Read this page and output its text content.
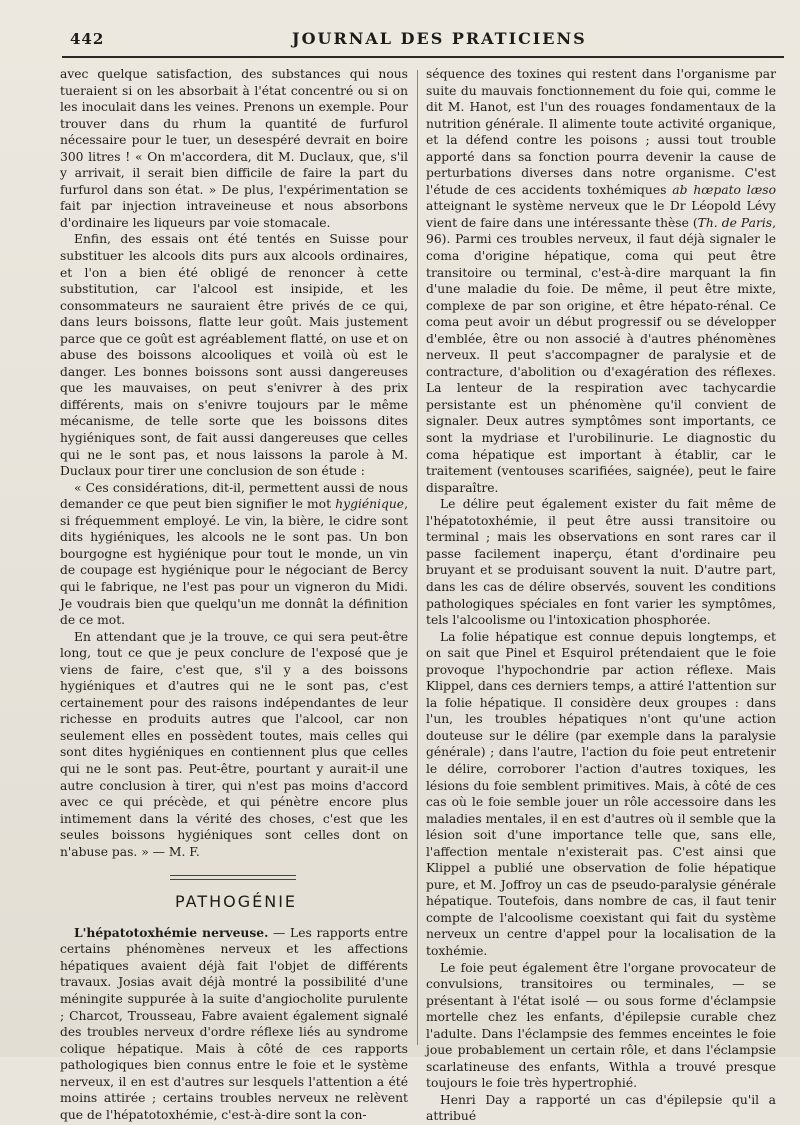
442	JOURNAL DES PRATICIENS

avec quelque satisfaction, des substances qui nous tueraient si on les absorbait à l'état concentré ou si on les inoculait dans les veines. Prenons un exemple. Pour trouver dans du rhum la quantité de furfurol nécessaire pour le tuer, un desespéré devrait en boire 300 litres ! « On m'accordera, dit M. Duclaux, que, s'il y arrivait, il serait bien difficile de faire la part du furfurol dans son état. » De plus, l'expérimentation se fait par injection intraveineuse et nous absorbons d'ordinaire les liqueurs par voie stomacale.

Enfin, des essais ont été tentés en Suisse pour substituer les alcools dits purs aux alcools ordinaires, et l'on a bien été obligé de renoncer à cette substitution, car l'alcool est insipide, et les consommateurs ne sauraient être privés de ce qui, dans leurs boissons, flatte leur goût. Mais justement parce que ce goût est agréablement flatté, on use et on abuse des boissons alcooliques et voilà où est le danger. Les bonnes boissons sont aussi dangereuses que les mauvaises, on peut s'enivrer à des prix différents, mais on s'enivre toujours par le même mécanisme, de telle sorte que les boissons dites hygiéniques sont, de fait aussi dangereuses que celles qui ne le sont pas, et nous laissons la parole à M. Duclaux pour tirer une conclusion de son étude :

« Ces considérations, dit-il, permettent aussi de nous demander ce que peut bien signifier le mot hygiénique, si fréquemment employé. Le vin, la bière, le cidre sont dits hygiéniques, les alcools ne le sont pas. Un bon bourgogne est hygiénique pour tout le monde, un vin de coupage est hygiénique pour le négociant de Bercy qui le fabrique, ne l'est pas pour un vigneron du Midi. Je voudrais bien que quelqu'un me donnât la définition de ce mot.

En attendant que je la trouve, ce qui sera peut-être long, tout ce que je peux conclure de l'exposé que je viens de faire, c'est que, s'il y a des boissons hygiéniques et d'autres qui ne le sont pas, c'est certainement pour des raisons indépendantes de leur richesse en produits autres que l'alcool, car non seulement elles en possèdent toutes, mais celles qui sont dites hygiéniques en contiennent plus que celles qui ne le sont pas. Peut-être, pourtant y aurait-il une autre conclusion à tirer, qui n'est pas moins d'accord avec ce qui précède, et qui pénètre encore plus intimement dans la vérité des choses, c'est que les seules boissons hygiéniques sont celles dont on n'abuse pas. » — M. F.

PATHOGÉNIE

L'hépatotoxhémie nerveuse. — Les rapports entre certains phénomènes nerveux et les affections hépatiques avaient déjà fait l'objet de différents travaux. Josias avait déjà montré la possibilité d'une méningite suppurée à la suite d'angiocholite purulente ; Charcot, Trousseau, Fabre avaient également signalé des troubles nerveux d'ordre réflexe liés au syndrome colique hépatique. Mais à côté de ces rapports pathologiques bien connus entre le foie et le système nerveux, il en est d'autres sur lesquels l'attention a été moins attirée ; certains troubles nerveux ne relèvent que de l'hépatotoxhémie, c'est-à-dire sont la con-

séquence des toxines qui restent dans l'organisme par suite du mauvais fonctionnement du foie qui, comme le dit M. Hanot, est l'un des rouages fondamentaux de la nutrition générale. Il alimente toute activité organique, et la défend contre les poisons ; aussi tout trouble apporté dans sa fonction pourra devenir la cause de perturbations diverses dans notre organisme. C'est l'étude de ces accidents toxhémiques ab hœpato læso atteignant le système nerveux que le Dr Léopold Lévy vient de faire dans une intéressante thèse (Th. de Paris, 96). Parmi ces troubles nerveux, il faut déjà signaler le coma d'origine hépatique, coma qui peut être transitoire ou terminal, c'est-à-dire marquant la fin d'une maladie du foie. De même, il peut être mixte, complexe de par son origine, et être hépato-rénal. Ce coma peut avoir un début progressif ou se développer d'emblée, être ou non associé à d'autres phénomènes nerveux. Il peut s'accompagner de paralysie et de contracture, d'abolition ou d'exagération des réflexes. La lenteur de la respiration avec tachycardie persistante est un phénomène qu'il convient de signaler. Deux autres symptômes sont importants, ce sont la mydriase et l'urobilinurie. Le diagnostic du coma hépatique est important à établir, car le traitement (ventouses scarifiées, saignée), peut le faire disparaître.

Le délire peut également exister du fait même de l'hépatotoxhémie, il peut être aussi transitoire ou terminal ; mais les observations en sont rares car il passe facilement inaperçu, étant d'ordinaire peu bruyant et se produisant souvent la nuit. D'autre part, dans les cas de délire observés, souvent les conditions pathologiques spéciales en font varier les symptômes, tels l'alcoolisme ou l'intoxication phosphorée.

La folie hépatique est connue depuis longtemps, et on sait que Pinel et Esquirol prétendaient que le foie provoque l'hypochondrie par action réflexe. Mais Klippel, dans ces derniers temps, a attiré l'attention sur la folie hépatique. Il considère deux groupes : dans l'un, les troubles hépatiques n'ont qu'une action douteuse sur le délire (par exemple dans la paralysie générale) ; dans l'autre, l'action du foie peut entretenir le délire, corroborer l'action d'autres toxiques, les lésions du foie semblent primitives. Mais, à côté de ces cas où le foie semble jouer un rôle accessoire dans les maladies mentales, il en est d'autres où il semble que la lésion soit d'une importance telle que, sans elle, l'affection mentale n'existerait pas. C'est ainsi que Klippel a publié une observation de folie hépatique pure, et M. Joffroy un cas de pseudo-paralysie générale hépatique. Toutefois, dans nombre de cas, il faut tenir compte de l'alcoolisme coexistant qui fait du système nerveux un centre d'appel pour la localisation de la toxhémie.

Le foie peut également être l'organe provocateur de convulsions, transitoires ou terminales, — se présentant à l'état isolé — ou sous forme d'éclampsie mortelle chez les enfants, d'épilepsie curable chez l'adulte. Dans l'éclampsie des femmes enceintes le foie joue probablement un certain rôle, et dans l'éclampsie scarlatineuse des enfants, Withla a trouvé presque toujours le foie très hypertrophié.

Henri Day a rapporté un cas d'épilepsie qu'il a attribué
